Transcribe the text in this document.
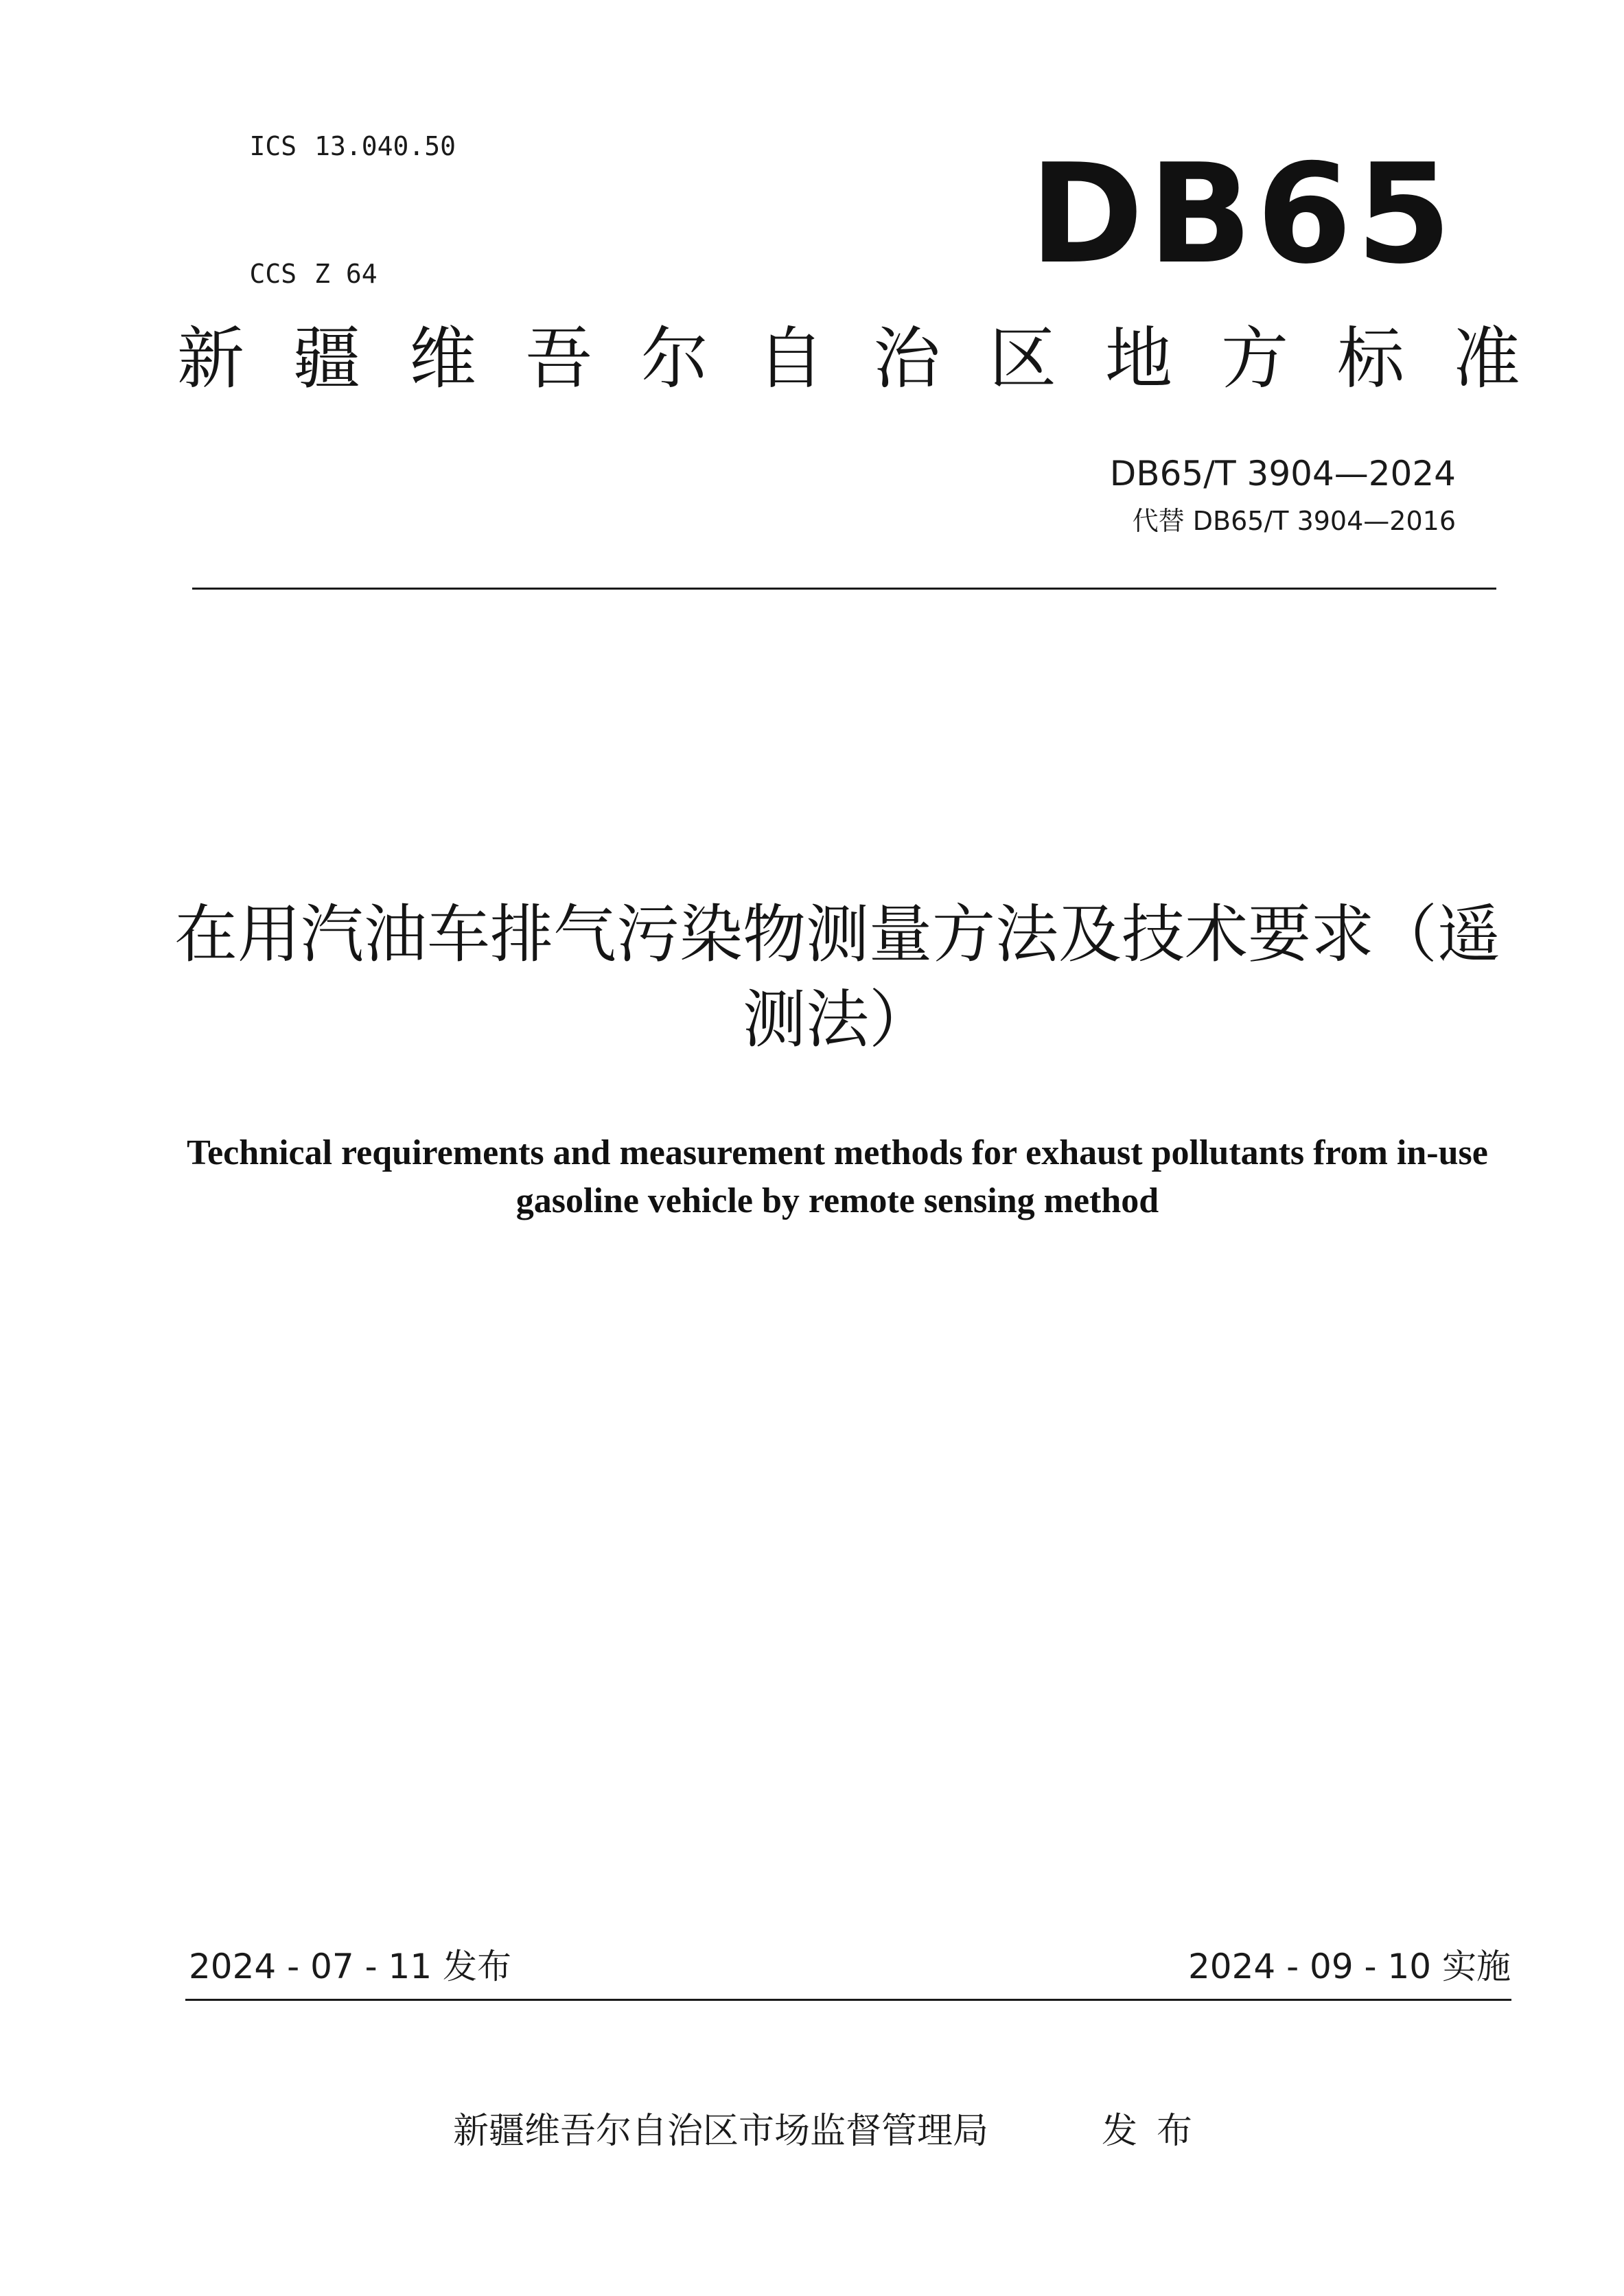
ICS 13.040.50

CCS Z 64
	DB65
新疆维吾尔自治区地方标准
DB65/T 3904—2024
代替 DB65/T 3904—2016
在用汽油车排气污染物测量方法及技术要求（遥测法）
Technical requirements and measurement methods for exhaust pollutants from in-use gasoline vehicle by remote sensing method
2024 - 07 - 11 发布	2024 - 09 - 10 实施
新疆维吾尔自治区市场监督管理局	发布
